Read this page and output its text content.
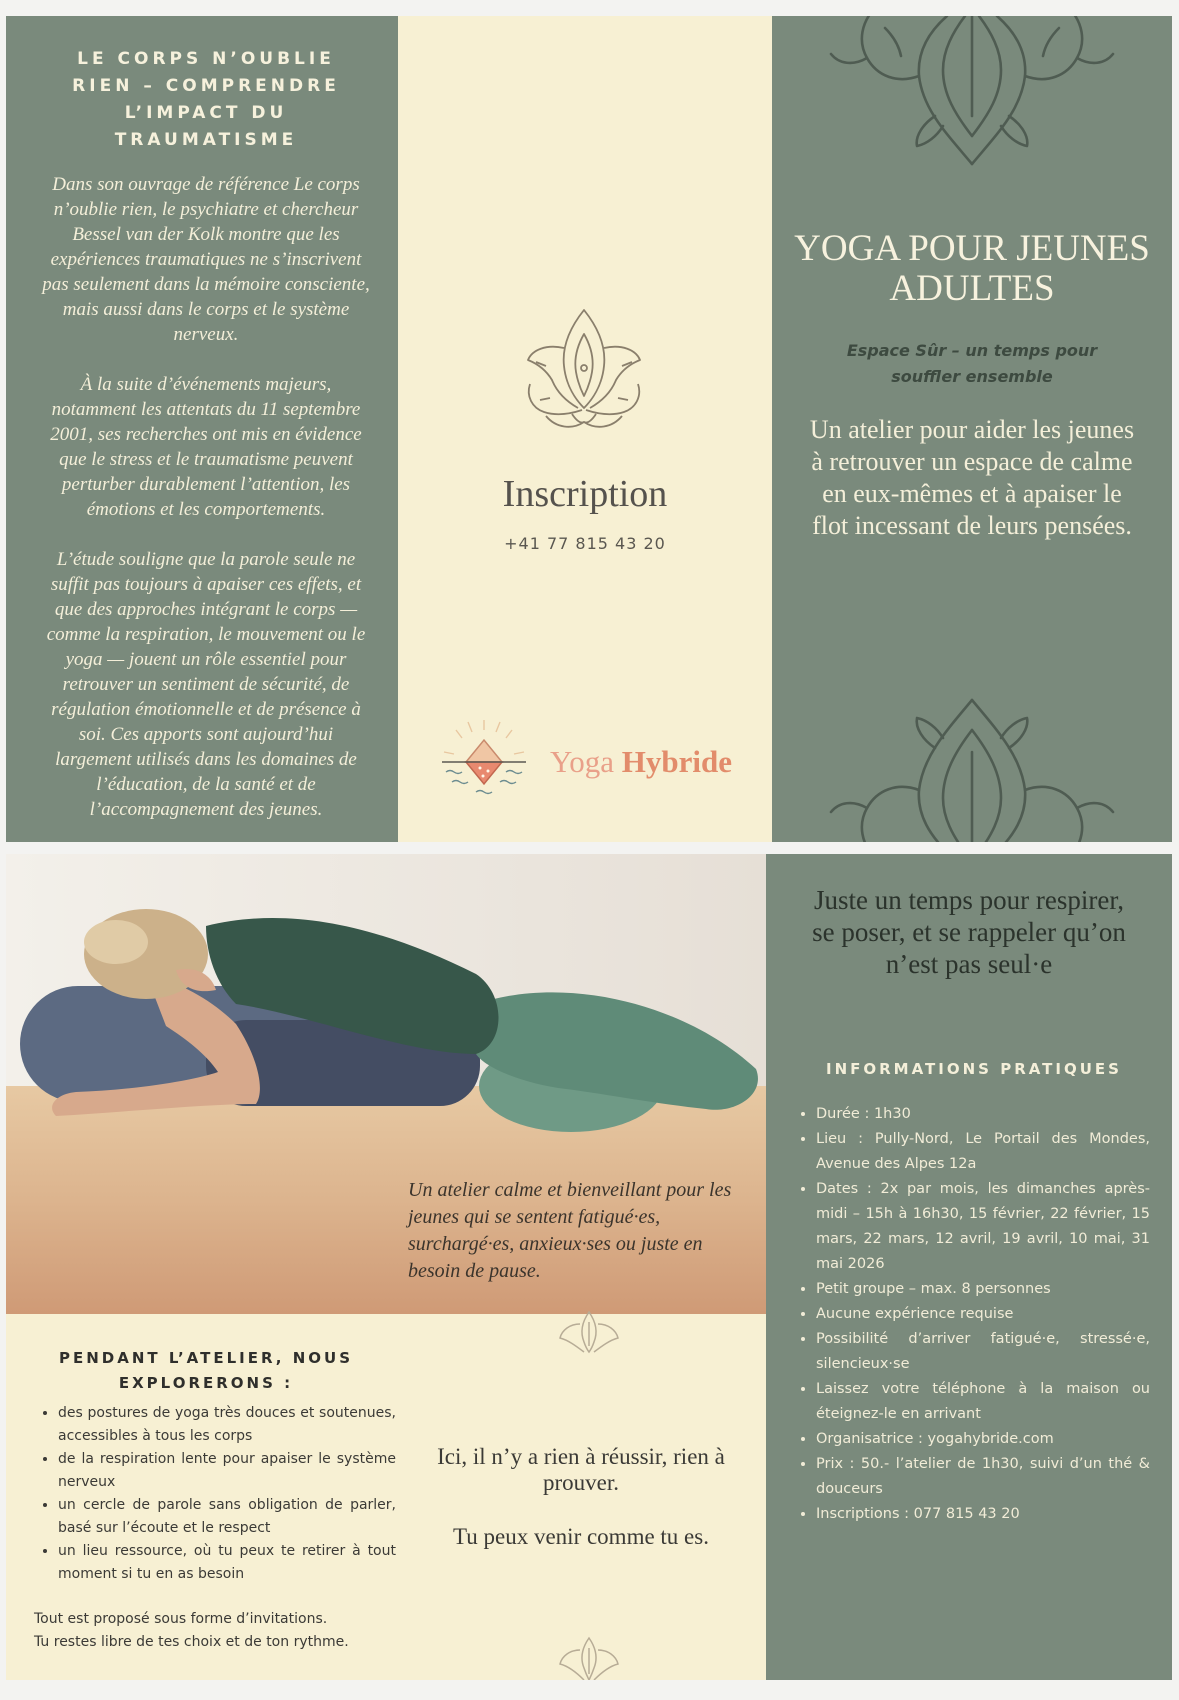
LE CORPS N’OUBLIE RIEN – COMPRENDRE L’IMPACT DU TRAUMATISME

Dans son ouvrage de référence Le corps n’oublie rien, le psychiatre et chercheur Bessel van der Kolk montre que les expériences traumatiques ne s’inscrivent pas seulement dans la mémoire consciente, mais aussi dans le corps et le système nerveux.

À la suite d’événements majeurs, notamment les attentats du 11 septembre 2001, ses recherches ont mis en évidence que le stress et le traumatisme peuvent perturber durablement l’attention, les émotions et les comportements.

L’étude souligne que la parole seule ne suffit pas toujours à apaiser ces effets, et que des approches intégrant le corps — comme la respiration, le mouvement ou le yoga — jouent un rôle essentiel pour retrouver un sentiment de sécurité, de régulation émotionnelle et de présence à soi. Ces apports sont aujourd’hui largement utilisés dans les domaines de l’éducation, de la santé et de l’accompagnement des jeunes.

Inscription
+41 77 815 43 20
Yoga Hybride
YOGA POUR JEUNES ADULTES
Espace Sûr – un temps pour souffler ensemble
Un atelier pour aider les jeunes à retrouver un espace de calme en eux-mêmes et à apaiser le flot incessant de leurs pensées.
Un atelier calme et bienveillant pour les jeunes qui se sentent fatigué·es, surchargé·es, anxieux·ses ou juste en besoin de pause.
PENDANT L’ATELIER, NOUS EXPLORERONS :
• des postures de yoga très douces et soutenues, accessibles à tous les corps
• de la respiration lente pour apaiser le système nerveux
• un cercle de parole sans obligation de parler, basé sur l’écoute et le respect
• un lieu ressource, où tu peux te retirer à tout moment si tu en as besoin
Tout est proposé sous forme d’invitations.
Tu restes libre de tes choix et de ton rythme.
Ici, il n’y a rien à réussir, rien à prouver.
Tu peux venir comme tu es.
Juste un temps pour respirer, se poser, et se rappeler qu’on n’est pas seul·e
INFORMATIONS PRATIQUES
• Durée : 1h30
• Lieu : Pully-Nord, Le Portail des Mondes, Avenue des Alpes 12a
• Dates : 2x par mois, les dimanches après-midi – 15h à 16h30, 15 février, 22 février, 15 mars, 22 mars, 12 avril, 19 avril, 10 mai, 31 mai 2026
• Petit groupe – max. 8 personnes
• Aucune expérience requise
• Possibilité d’arriver fatigué·e, stressé·e, silencieux·se
• Laissez votre téléphone à la maison ou éteignez-le en arrivant
• Organisatrice : yogahybride.com
• Prix : 50.- l’atelier de 1h30, suivi d’un thé & douceurs
• Inscriptions : 077 815 43 20
